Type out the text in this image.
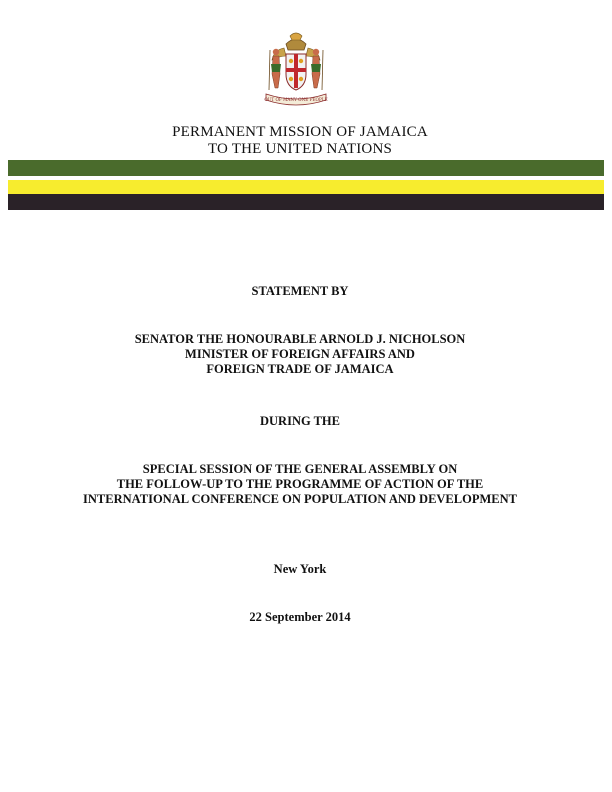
OUT OF MANY ONE PEOPLE
PERMANENT MISSION OF JAMAICA
TO THE UNITED NATIONS
STATEMENT BY
SENATOR THE HONOURABLE ARNOLD J. NICHOLSON
MINISTER OF FOREIGN AFFAIRS AND
FOREIGN TRADE OF JAMAICA
DURING THE
SPECIAL SESSION OF THE GENERAL ASSEMBLY ON
THE FOLLOW-UP TO THE PROGRAMME OF ACTION OF THE
INTERNATIONAL CONFERENCE ON POPULATION AND DEVELOPMENT
New York
22 September 2014
